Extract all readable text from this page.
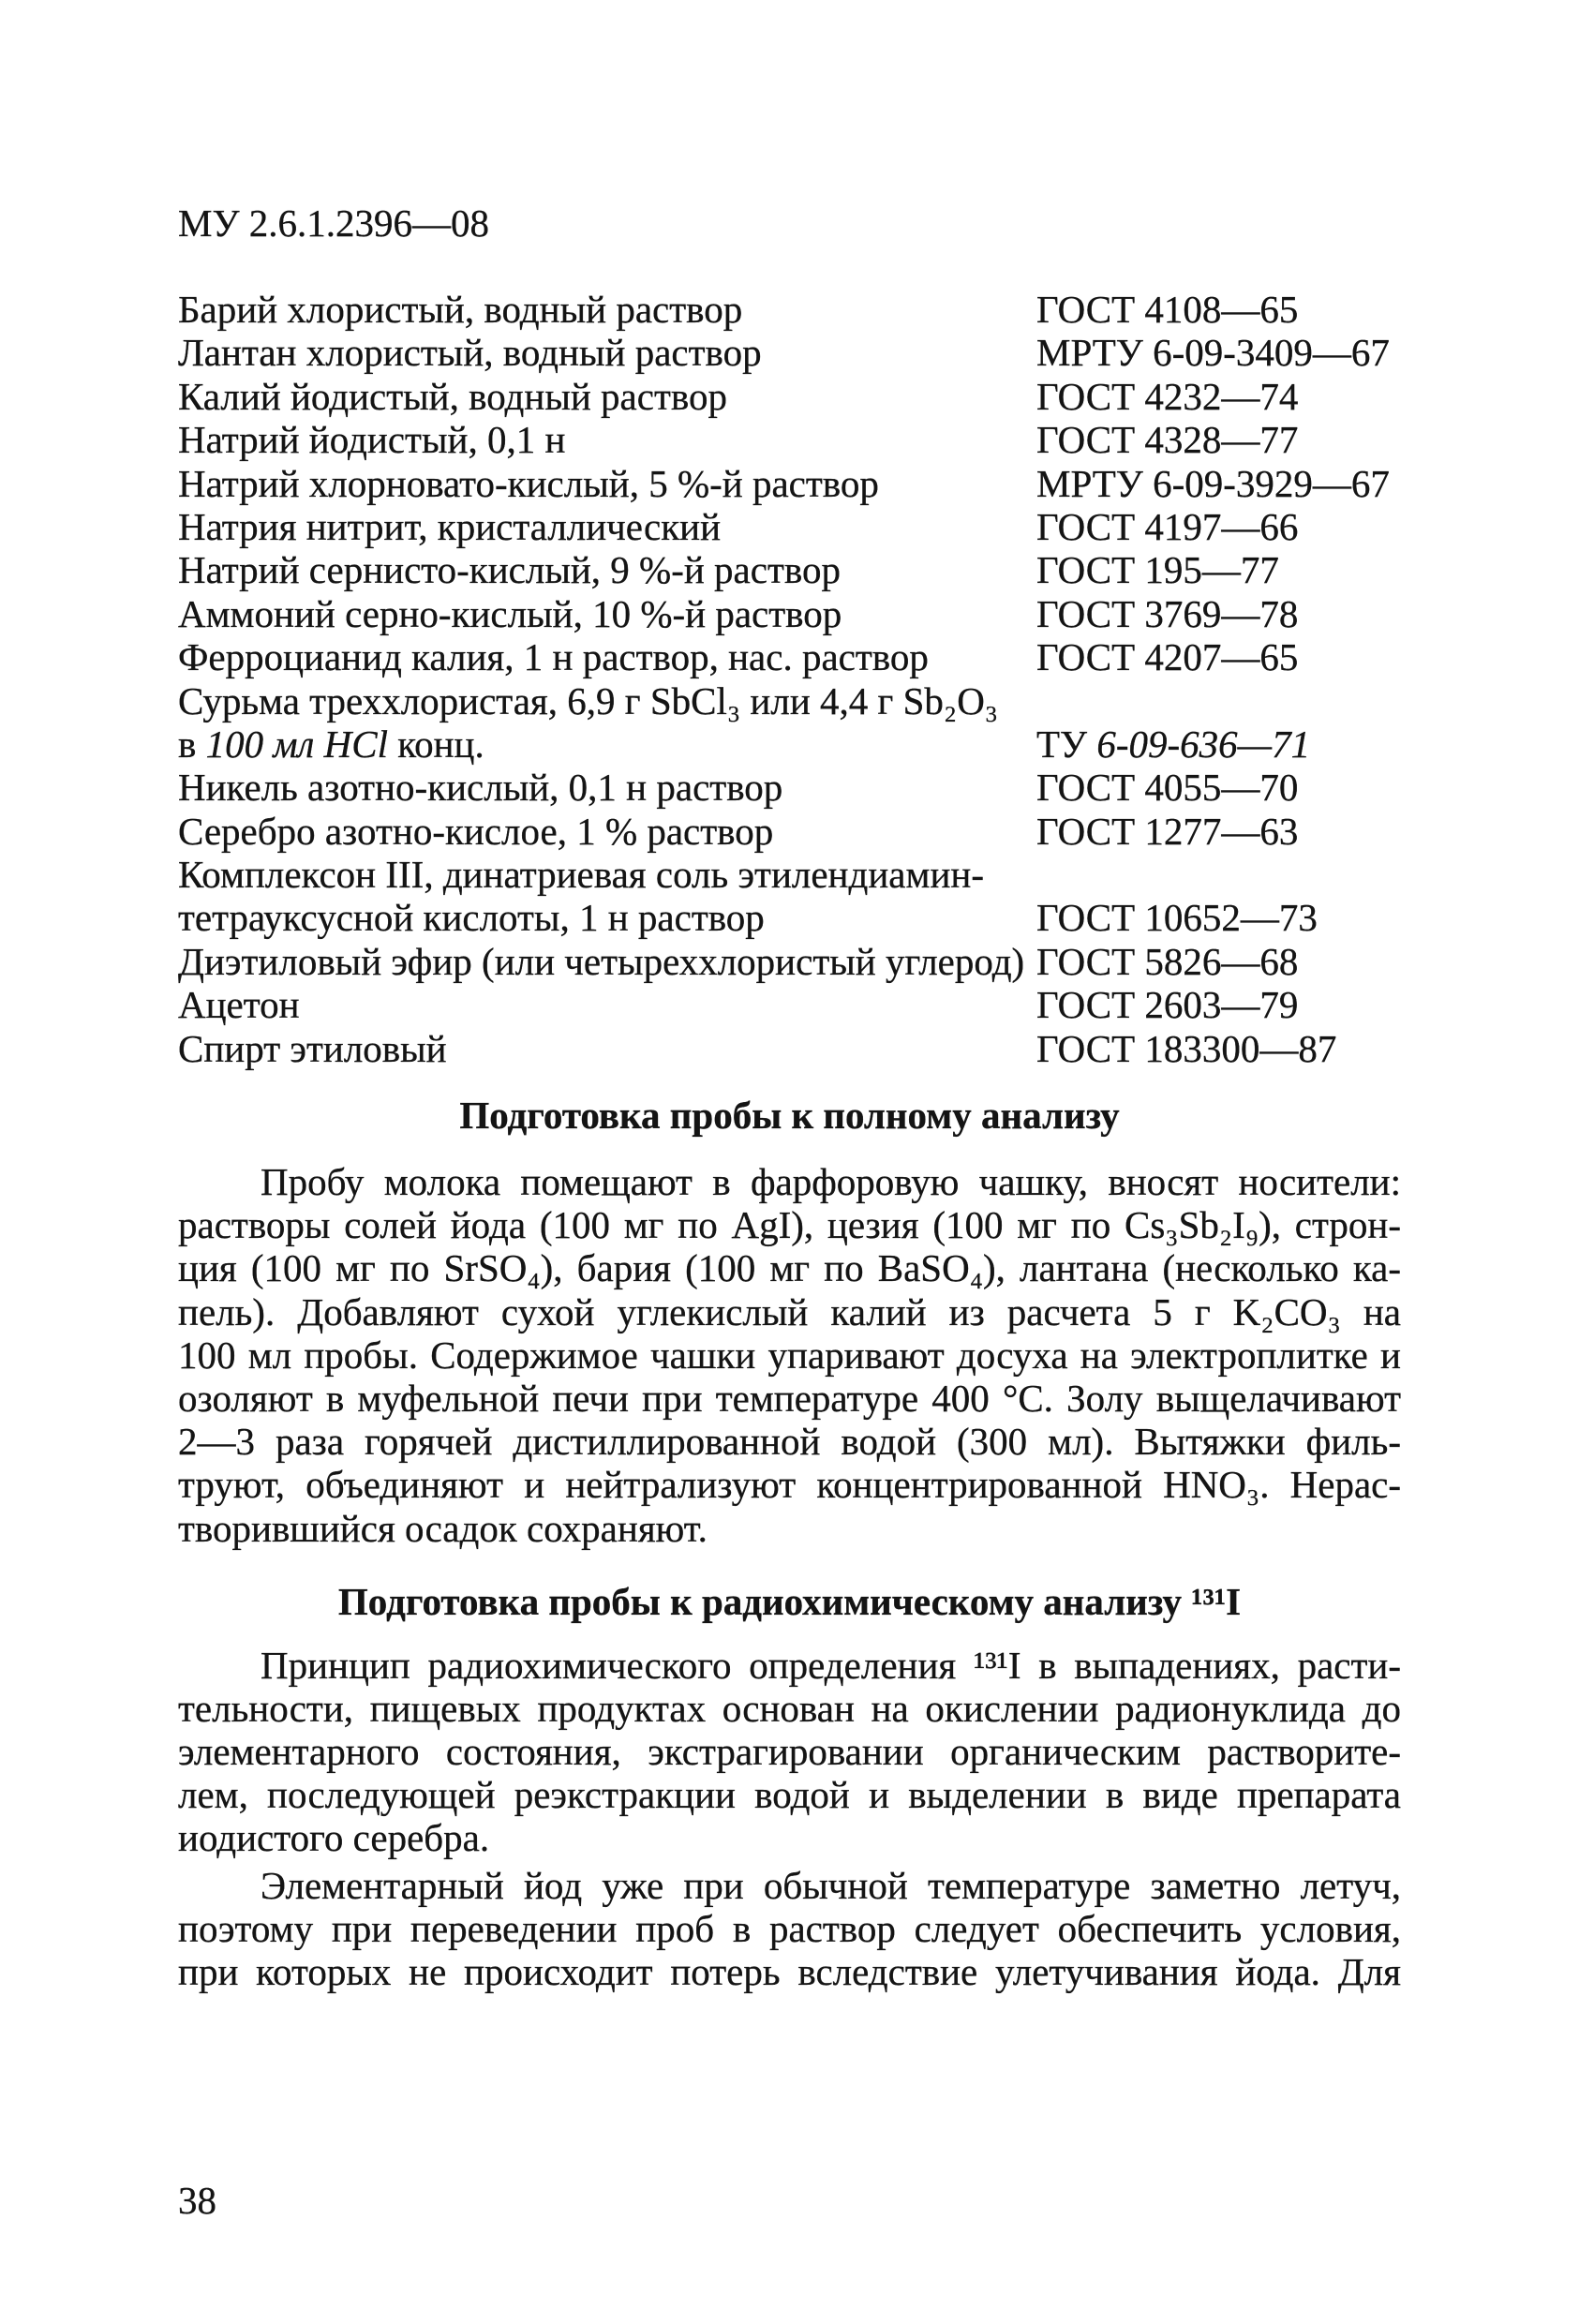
МУ 2.6.1.2396—08
Барий хлористый, водный раствор	ГОСТ 4108—65
Лантан хлористый, водный раствор	МРТУ 6-09-3409—67
Калий йодистый, водный раствор	ГОСТ 4232—74
Натрий йодистый, 0,1 н	ГОСТ 4328—77
Натрий хлорновато-кислый, 5 %-й раствор	МРТУ 6-09-3929—67
Натрия нитрит, кристаллический	ГОСТ 4197—66
Натрий сернисто-кислый, 9 %-й раствор	ГОСТ 195—77
Аммоний серно-кислый, 10 %-й раствор	ГОСТ 3769—78
Ферроцианид калия, 1 н раствор, нас. раствор	ГОСТ 4207—65
Сурьма треххлористая, 6,9 г SbCl₃ или 4,4 г Sb₂O₃
в 100 мл HCl конц.	ТУ 6-09-636—71
Никель азотно-кислый, 0,1 н раствор	ГОСТ 4055—70
Серебро азотно-кислое, 1 % раствор	ГОСТ 1277—63
Комплексон III, динатриевая соль этилендиамин-
тетрауксусной кислоты, 1 н раствор	ГОСТ 10652—73
Диэтиловый эфир (или четыреххлористый углерод) ГОСТ 5826—68
Ацетон	ГОСТ 2603—79
Спирт этиловый	ГОСТ 183300—87
Подготовка пробы к полному анализу
Пробу молока помещают в фарфоровую чашку, вносят носители:
растворы солей йода (100 мг по AgI), цезия (100 мг по Cs₃Sb₂I₉), строн-
ция (100 мг по SrSO₄), бария (100 мг по BaSO₄), лантана (несколько ка-
пель). Добавляют сухой углекислый калий из расчета 5 г K₂CO₃ на
100 мл пробы. Содержимое чашки упаривают досуха на электроплитке и
озоляют в муфельной печи при температуре 400 °С. Золу выщелачивают
2—3 раза горячей дистиллированной водой (300 мл). Вытяжки филь-
труют, объединяют и нейтрализуют концентрированной HNO₃. Нерас-
творившийся осадок сохраняют.
Подготовка пробы к радиохимическому анализу ¹³¹I
Принцип радиохимического определения ¹³¹I в выпадениях, расти-
тельности, пищевых продуктах основан на окислении радионуклида до
элементарного состояния, экстрагировании органическим растворите-
лем, последующей реэкстракции водой и выделении в виде препарата
иодистого серебра.
Элементарный йод уже при обычной температуре заметно летуч,
поэтому при переведении проб в раствор следует обеспечить условия,
при которых не происходит потерь вследствие улетучивания йода. Для
38
